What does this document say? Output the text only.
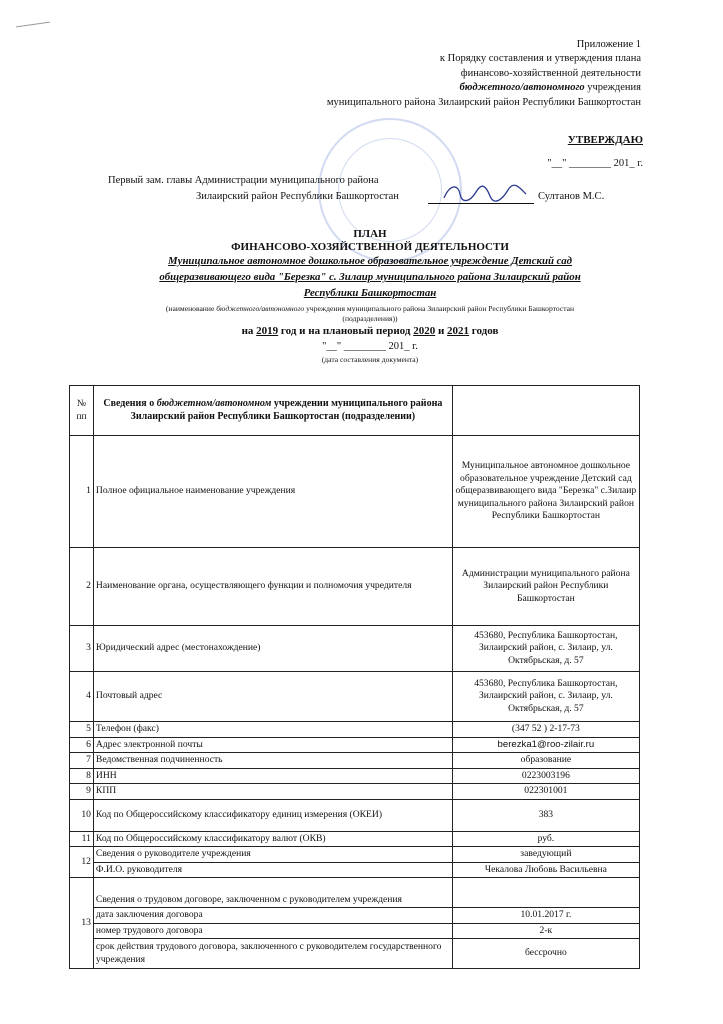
Приложение 1
к Порядку составления и утверждения плана
финансово-хозяйственной деятельности
бюджетного/автономного учреждения
муниципального района Зилаирский район Республики Башкортостан
УТВЕРЖДАЮ
"__" ________ 201_ г.
Первый зам. главы Администрации муниципального района
Зилаирский район Республики Башкортостан	Султанов М.С.
ПЛАН
ФИНАНСОВО-ХОЗЯЙСТВЕННОЙ ДЕЯТЕЛЬНОСТИ
Муниципальное автономное дошкольное образовательное учреждение Детский сад
общеразвивающего вида "Березка" с. Зилаир муниципального района Зилаирский район
Республики Башкортостан
(наименование бюджетного/автономного учреждения муниципального района Зилаирский район Республики Башкортостан
(подразделения))
на 2019 год и на плановый период 2020 и 2021 годов
"__" ________ 201_ г.
(дата составления документа)
№ пп	Сведения о бюджетном/автономном учреждении муниципального района Зилаирский район Республики Башкортостан (подразделении)	
1	Полное официальное наименование учреждения	Муниципальное автономное дошкольное образовательное учреждение Детский сад общеразвивающего вида "Березка" с.Зилаир муниципального района Зилаирский район Республики Башкортостан
2	Наименование органа, осуществляющего функции и полномочия учредителя	Администрации муниципального района Зилаирский район Республики Башкортостан
3	Юридический адрес (местонахождение)	453680, Республика Башкортостан, Зилаирский район, с. Зилаир, ул. Октябрьская, д. 57
4	Почтовый адрес	453680, Республика Башкортостан, Зилаирский район, с. Зилаир, ул. Октябрьская, д. 57
5	Телефон (факс)	(347 52 ) 2-17-73
6	Адрес электронной почты	berezka1@roo-zilair.ru
7	Ведомственная подчиненность	образование
8	ИНН	0223003196
9	КПП	022301001
10	Код по Общероссийскому классификатору единиц измерения (ОКЕИ)	383
11	Код по Общероссийскому классификатору валют (ОКВ)	руб.
12	Сведения о руководителе учреждения	заведующий
	Ф.И.О. руководителя	Чекалова Любовь Васильевна
13	Сведения о трудовом договоре, заключенном с руководителем учреждения	
	дата заключения договора	10.01.2017 г.
	номер трудового договора	2-к
	срок действия трудового договора, заключенного с руководителем государственного учреждения	бессрочно
